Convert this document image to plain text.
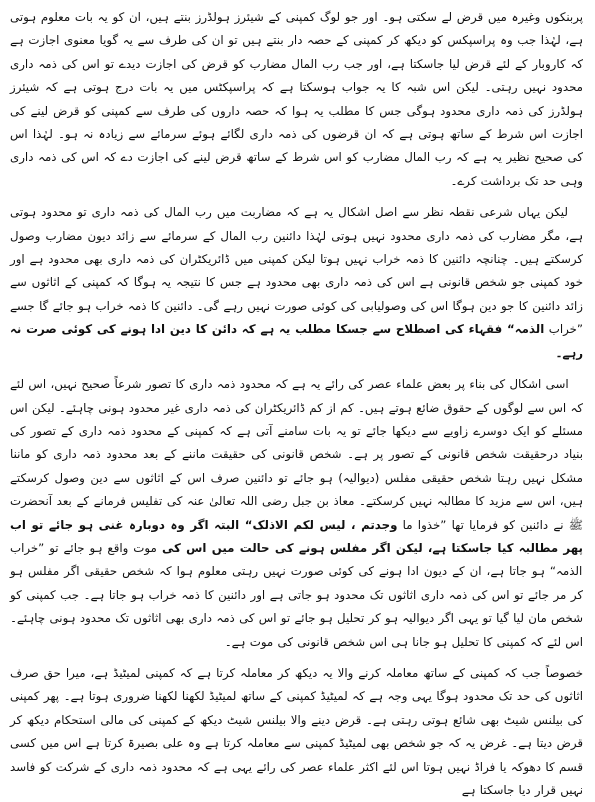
پربنکوں وغیرہ میں قرض لے سکتی ہو۔ اور جو لوگ کمپنی کے شیئرز ہولڈرز بنتے ہیں، ان کو یہ بات معلوم ہوتی ہے، لہٰذا جب وہ پراسپکس کو دیکھ کر کمپنی کے حصہ دار بنتے ہیں تو ان کی طرف سے یہ گویا معنوی اجازت ہے کہ کاروبار کے لئے قرض لیا جاسکتا ہے، اور جب رب المال مضارب کو قرض کی اجازت دیدے تو اس کی ذمہ داری محدود نہیں رہتی۔ لیکن اس شبہ کا یہ جواب ہوسکتا ہے کہ پراسپکٹس میں یہ بات درج ہوتی ہے کہ شیئرز ہولڈرز کی ذمہ داری محدود ہوگی جس کا مطلب یہ ہوا کہ حصہ داروں کی طرف سے کمپنی کو قرض لینے کی اجازت اس شرط کے ساتھ ہوتی ہے کہ ان قرضوں کی ذمہ داری لگائے ہوئے سرمائے سے زیادہ نہ ہو۔ لہٰذا اس کی صحیح نظیر یہ ہے کہ رب المال مضارب کو اس شرط کے ساتھ قرض لینے کی اجازت دے کہ اس کی ذمہ داری وہی حد تک برداشت کرے۔

لیکن یہاں شرعی نقطہ نظر سے اصل اشکال یہ ہے کہ مضاربت میں رب المال کی ذمہ داری تو محدود ہوتی ہے، مگر مضارب کی ذمہ داری محدود نہیں ہوتی لہٰذا دائنین رب المال کے سرمائے سے زائد دیون مضارب وصول کرسکتے ہیں۔ چنانچہ دائنین کا ذمہ خراب نہیں ہوتا لیکن کمپنی میں ڈائریکٹران کی ذمہ داری بھی محدود ہے اور خود کمپنی جو شخص قانونی ہے اس کی ذمہ داری بھی محدود ہے جس کا نتیجہ یہ ہوگا کہ کمپنی کے اثاثوں سے زائد دائنین کا جو دین ہوگا اس کی وصولیابی کی کوئی صورت نہیں رہے گی۔ دائنین کا ذمہ خراب ہو جائے گا جسے ”خراب الذمہ“ فقہاء کی اصطلاح سے جسکا مطلب یہ ہے کہ دائن کا دین ادا ہونے کی کوئی صرت نہ رہے۔

اسی اشکال کی بناء پر بعض علماء عصر کی رائے یہ ہے کہ محدود ذمہ داری کا تصور شرعاً صحیح نہیں، اس لئے کہ اس سے لوگوں کے حقوق ضائع ہوتے ہیں۔ کم از کم ڈائریکٹران کی ذمہ داری غیر محدود ہونی چاہئے۔ لیکن اس مسئلے کو ایک دوسرے زاویے سے دیکھا جائے تو یہ بات سامنے آتی ہے کہ کمپنی کے محدود ذمہ داری کے تصور کی بنیاد درحقیقت شخص قانونی کے تصور پر ہے۔ شخص قانونی کی حقیقت ماننے کے بعد محدود ذمہ داری کو ماننا مشکل نہیں رہتا شخص حقیقی مفلس (دیوالیہ) ہو جائے تو دائنین صرف اس کے اثاثوں سے دین وصول کرسکتے ہیں، اس سے مزید کا مطالبہ نہیں کرسکتے۔ معاذ بن جبل رضی اللہ تعالیٰ عنہ کی تفلیس فرمانے کے بعد آنحضرت ﷺ نے دائنین کو فرمایا تھا ”خذوا ما وجدتم ، لیس لکم الاذلک“ البتہ اگر وہ دوبارہ غنی ہو جائے تو اب پھر مطالبہ کیا جاسکتا ہے، لیکن اگر مفلس ہونے کی حالت میں اس کی موت واقع ہو جائے تو ”خراب الذمہ“ ہو جاتا ہے، ان کے دیون ادا ہونے کی کوئی صورت نہیں رہتی معلوم ہوا کہ شخص حقیقی اگر مفلس ہو کر مر جائے تو اس کی ذمہ داری اثاثوں تک محدود ہو جاتی ہے اور دائنین کا ذمہ خراب ہو جاتا ہے۔ جب کمپنی کو شخص مان لیا گیا تو یہی اگر دیوالیہ ہو کر تحلیل ہو جائے تو اس کی ذمہ داری بھی اثاثوں تک محدود ہونی چاہئے۔ اس لئے کہ کمپنی کا تحلیل ہو جانا ہی اس شخص قانونی کی موت ہے۔

خصوصاً جب کہ کمپنی کے ساتھ معاملہ کرنے والا یہ دیکھ کر معاملہ کرتا ہے کہ کمپنی لمیٹیڈ ہے، میرا حق صرف اثاثوں کی حد تک محدود ہوگا یہی وجہ ہے کہ لمیٹیڈ کمپنی کے ساتھ لمیٹیڈ لکھنا لکھنا ضروری ہوتا ہے۔ پھر کمپنی کی بیلنس شیٹ بھی شائع ہوتی رہتی ہے۔ قرض دینے والا بیلنس شیٹ دیکھ کے کمپنی کی مالی استحکام دیکھ کر قرض دیتا ہے۔ غرض یہ کہ جو شخص بھی لمیٹیڈ کمپنی سے معاملہ کرتا ہے وہ علی بصیرۃ کرتا ہے اس میں کسی قسم کا دھوکہ یا فراڈ نہیں ہوتا اس لئے اکثر علماء عصر کی رائے یہی ہے کہ محدود ذمہ داری کے شرکت کو فاسد نہیں قرار دیا جاسکتا ہے
